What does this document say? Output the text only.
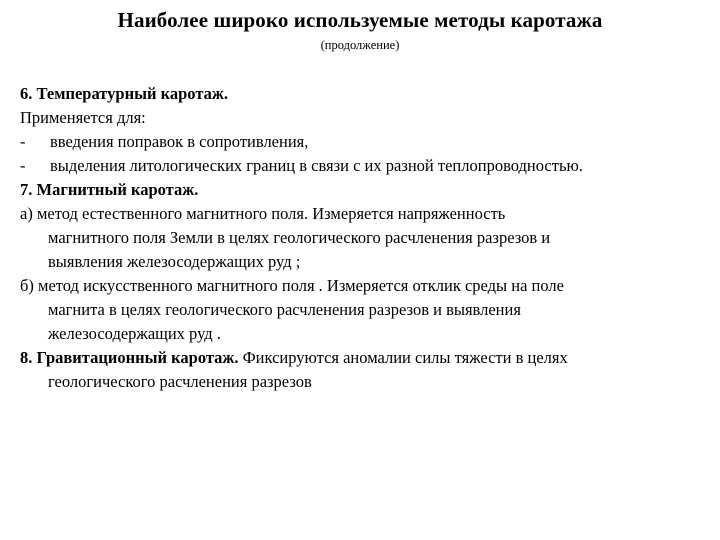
Наиболее широко используемые методы каротажа
(продолжение)
6. Температурный каротаж.
Применяется для:
- введения поправок в сопротивления,
- выделения литологических границ в связи с их разной теплопроводностью.
7. Магнитный каротаж.
а) метод естественного магнитного поля. Измеряется напряженность
магнитного поля Земли в целях геологического расчленения разрезов и
выявления железосодержащих руд ;
б) метод искусственного магнитного поля . Измеряется отклик среды на поле
магнита в целях геологического расчленения разрезов и выявления
железосодержащих руд .
8. Гравитационный каротаж. Фиксируются аномалии силы тяжести в целях
геологического расчленения разрезов
